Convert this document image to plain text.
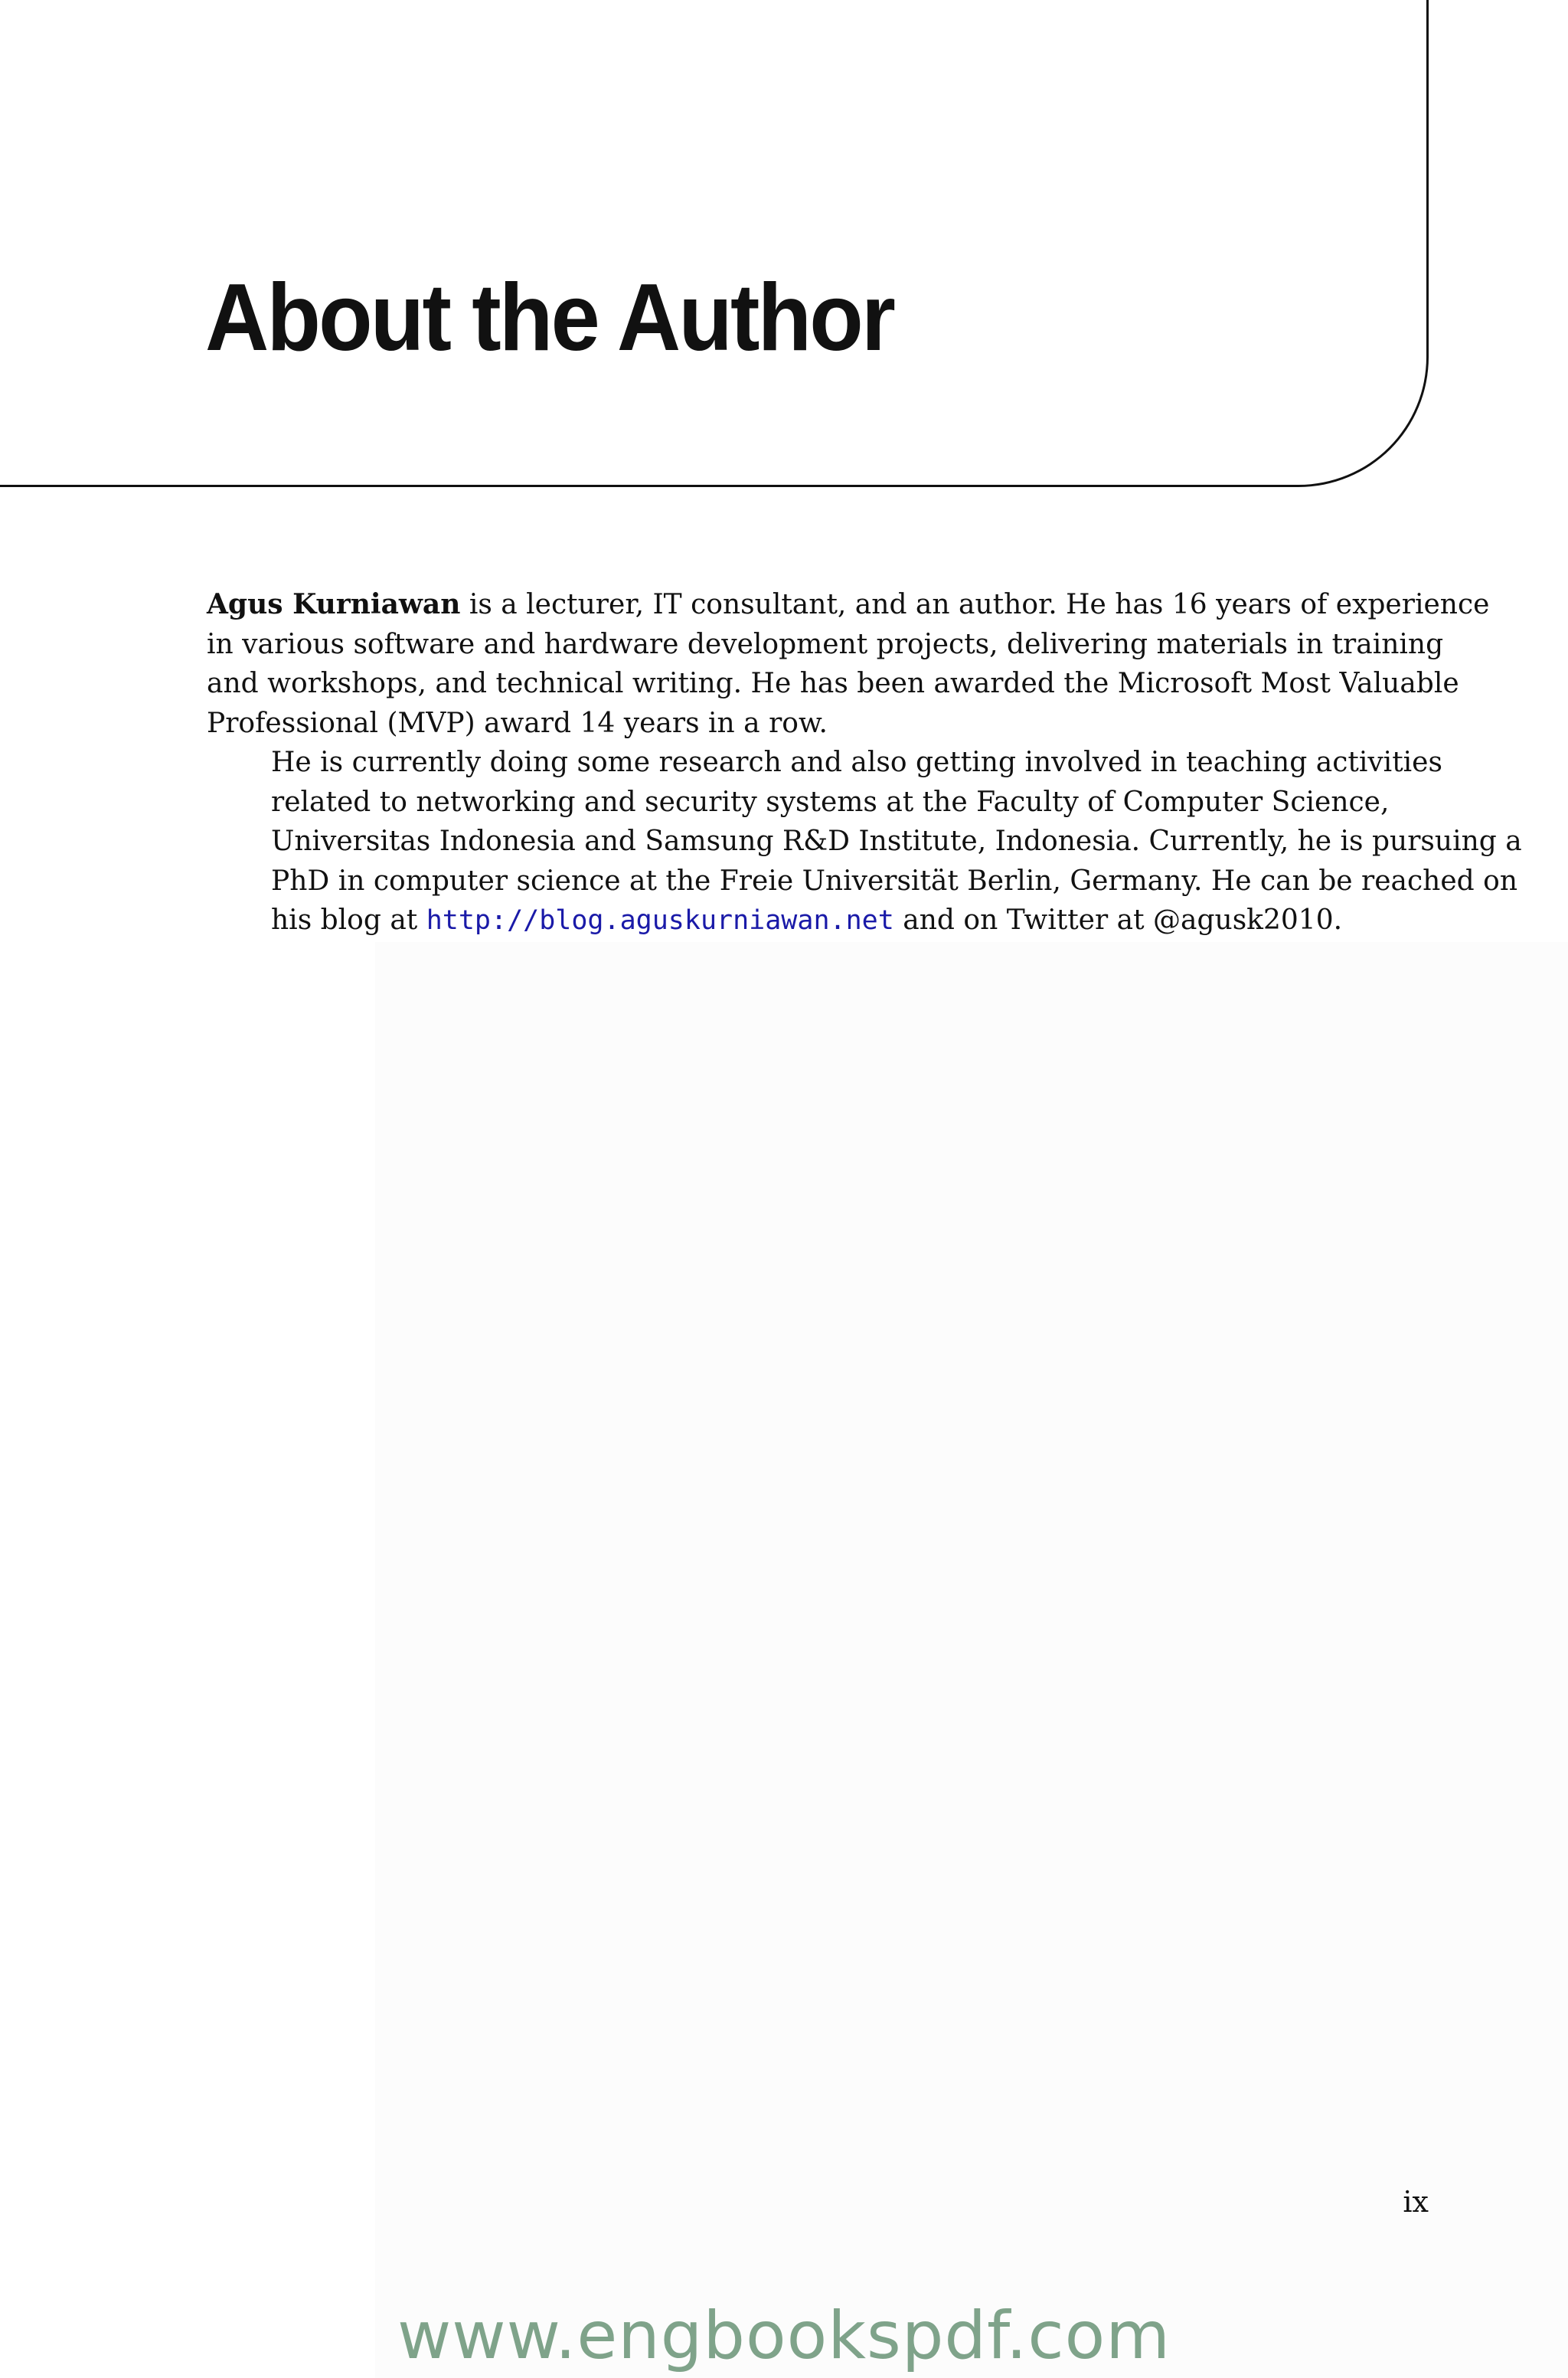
About the Author

Agus Kurniawan is a lecturer, IT consultant, and an author. He has 16 years of experience
in various software and hardware development projects, delivering materials in training
and workshops, and technical writing. He has been awarded the Microsoft Most Valuable
Professional (MVP) award 14 years in a row.

He is currently doing some research and also getting involved in teaching activities
related to networking and security systems at the Faculty of Computer Science,
Universitas Indonesia and Samsung R&D Institute, Indonesia. Currently, he is pursuing a
PhD in computer science at the Freie Universität Berlin, Germany. He can be reached on
his blog at http://blog.aguskurniawan.net and on Twitter at @agusk2010.

ix
www.engbookspdf.com
